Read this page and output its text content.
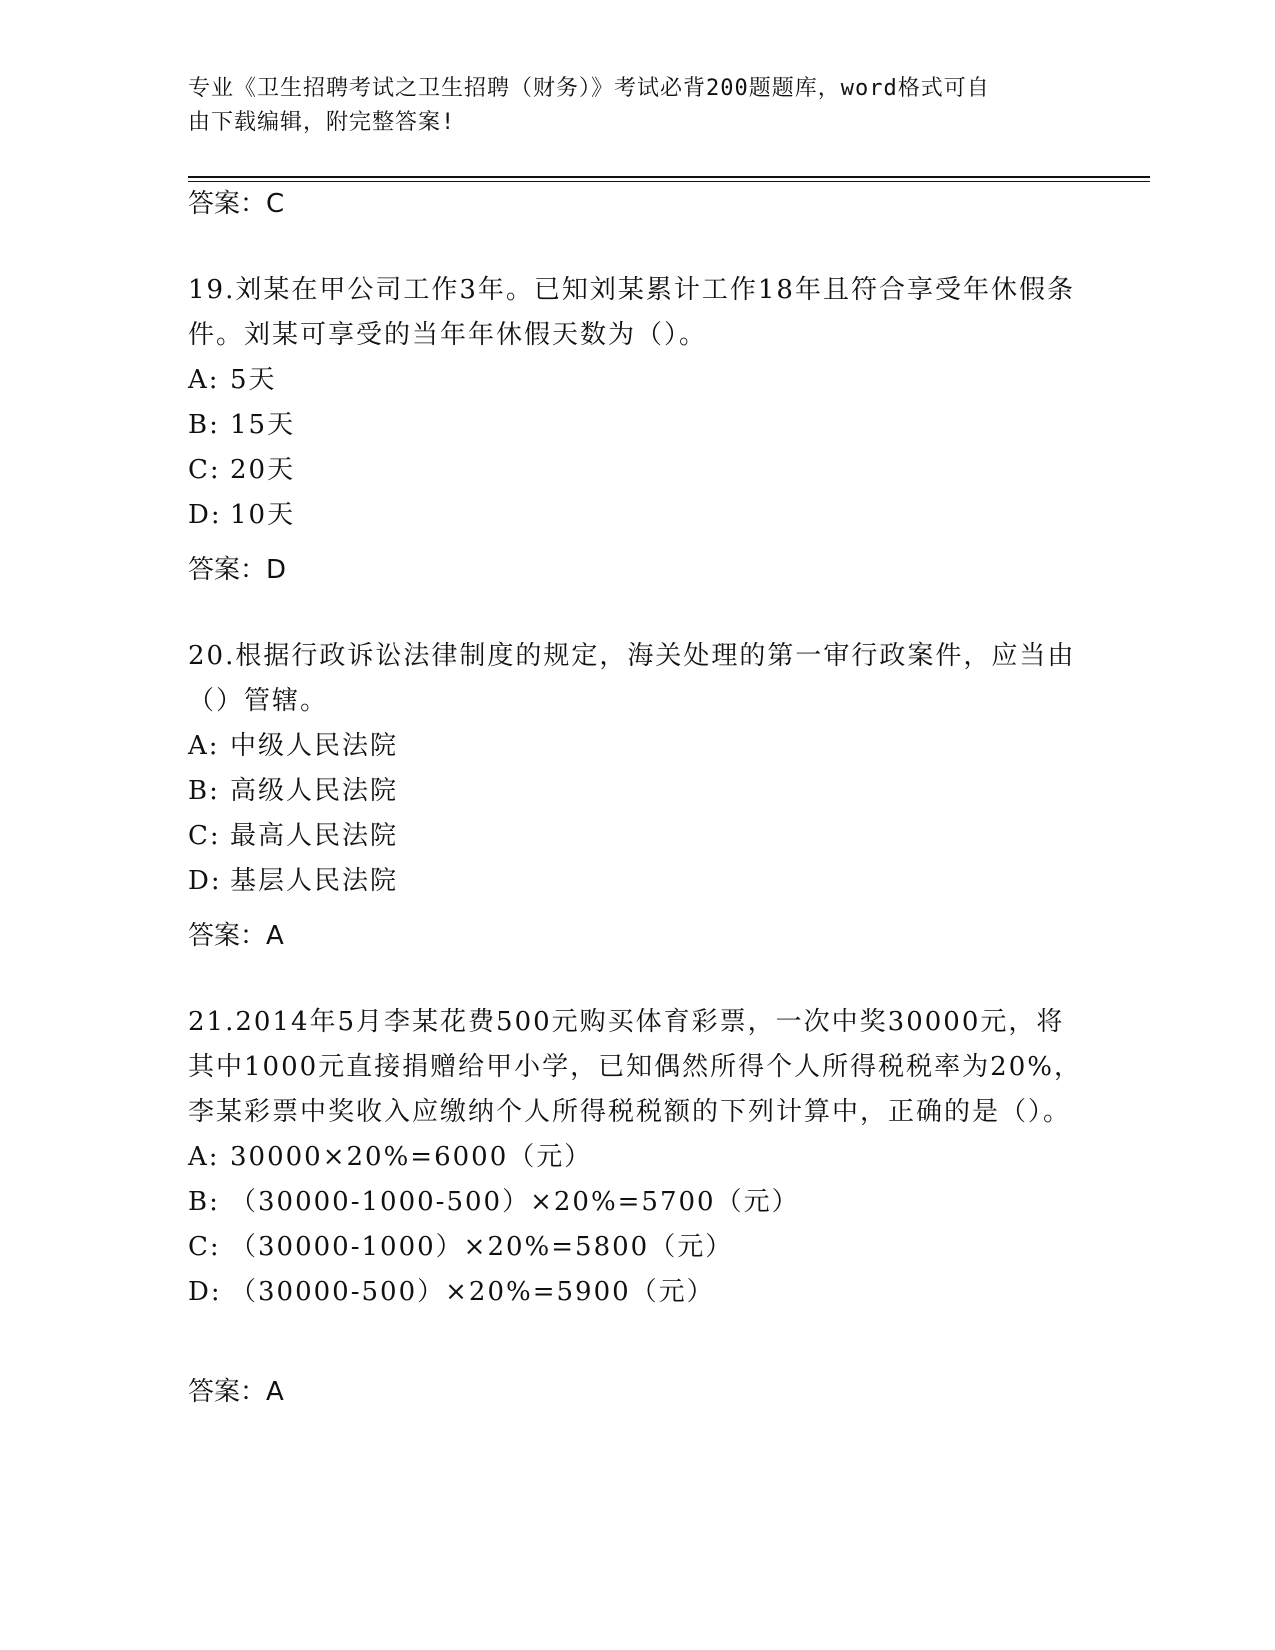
专业《卫生招聘考试之卫生招聘（财务）》考试必背200题题库，word格式可自
由下载编辑，附完整答案!
答案：C

19.刘某在甲公司工作3年。已知刘某累计工作18年且符合享受年休假条件。刘某可享受的当年年休假天数为（）。

A: 5天

B: 15天

C: 20天

D: 10天

答案：D

20.根据行政诉讼法律制度的规定，海关处理的第一审行政案件，应当由（）管辖。

A: 中级人民法院

B: 高级人民法院

C: 最高人民法院

D: 基层人民法院

答案：A

21.2014年5月李某花费500元购买体育彩票，一次中奖30000元，将其中1000元直接捐赠给甲小学，已知偶然所得个人所得税税率为20%，李某彩票中奖收入应缴纳个人所得税税额的下列计算中，正确的是（）。

A: 30000×20%=6000（元）

B: （30000-1000-500）×20%=5700（元）

C: （30000-1000）×20%=5800（元）

D: （30000-500）×20%=5900（元）

答案：A
